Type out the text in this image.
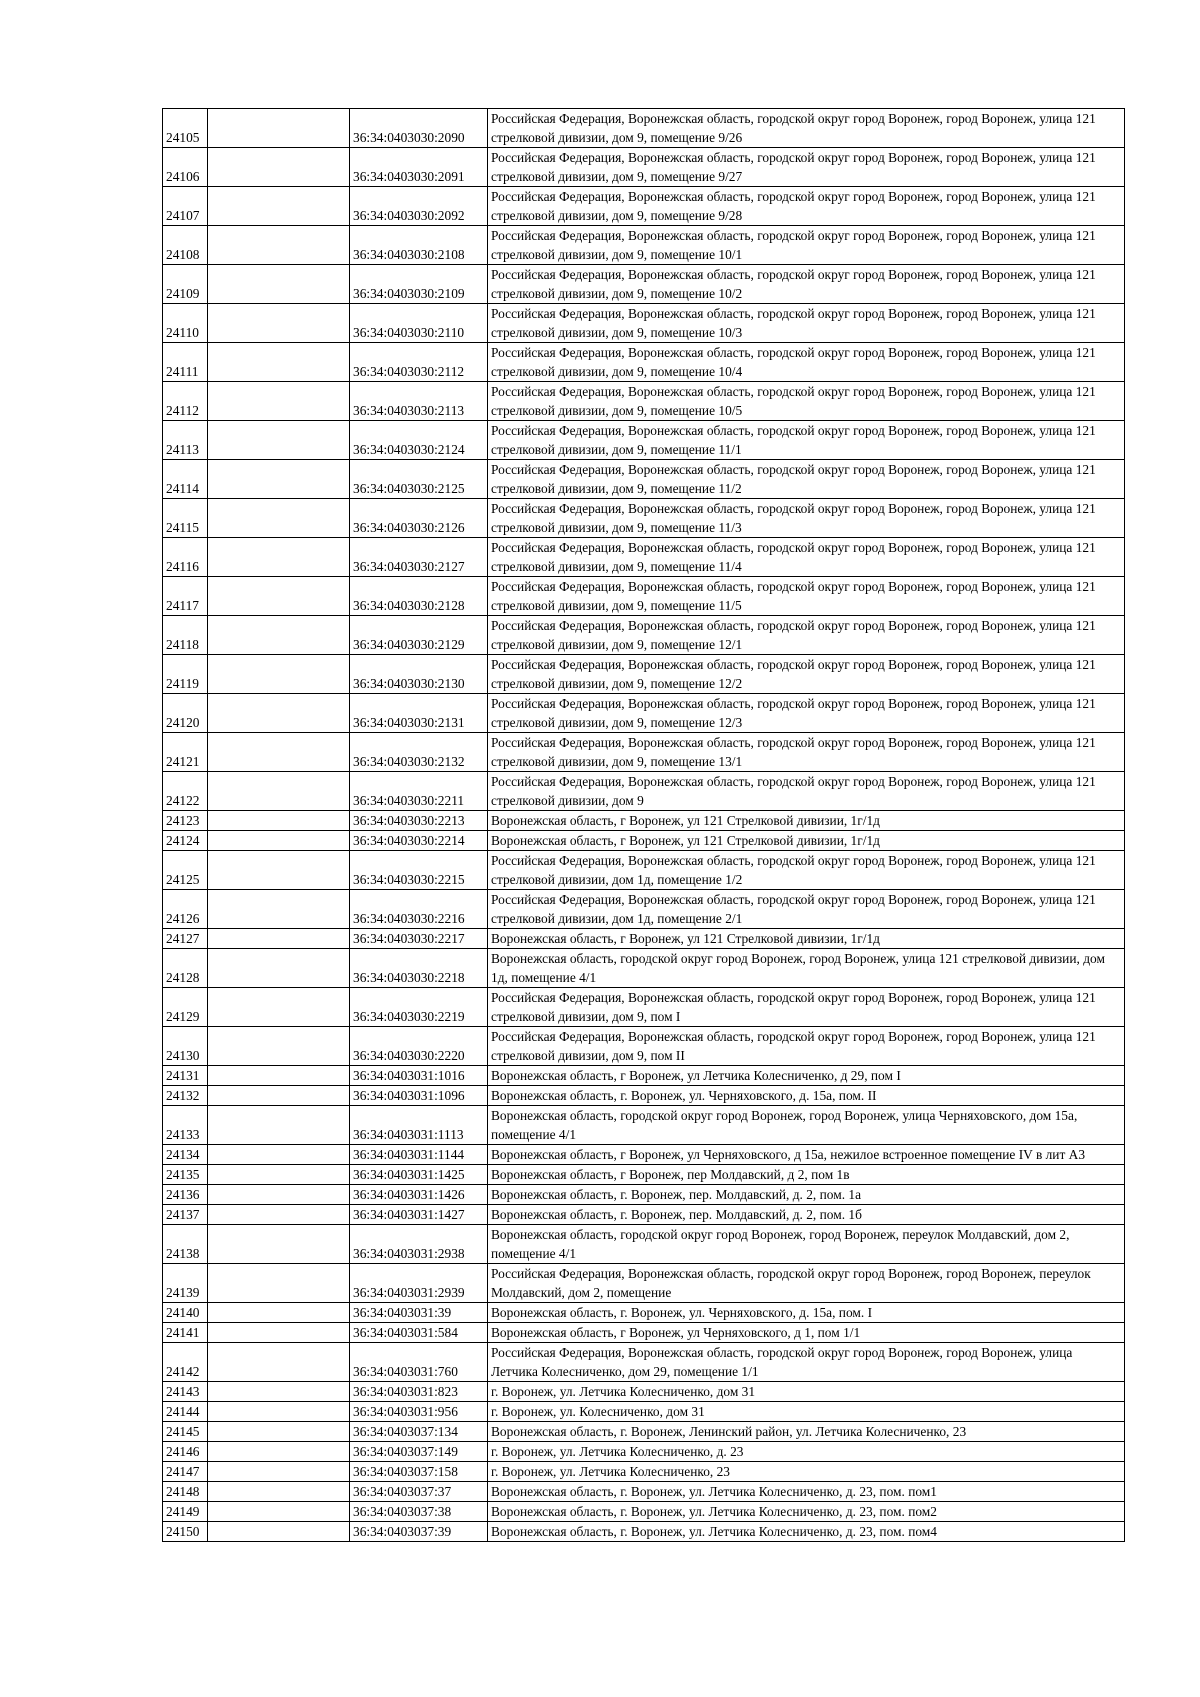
24105		36:34:0403030:2090	Российская Федерация, Воронежская область, городской округ город Воронеж, город Воронеж, улица 121 стрелковой дивизии, дом 9, помещение 9/26
24106		36:34:0403030:2091	Российская Федерация, Воронежская область, городской округ город Воронеж, город Воронеж, улица 121 стрелковой дивизии, дом 9, помещение 9/27
24107		36:34:0403030:2092	Российская Федерация, Воронежская область, городской округ город Воронеж, город Воронеж, улица 121 стрелковой дивизии, дом 9, помещение 9/28
24108		36:34:0403030:2108	Российская Федерация, Воронежская область, городской округ город Воронеж, город Воронеж, улица 121 стрелковой дивизии, дом 9, помещение 10/1
24109		36:34:0403030:2109	Российская Федерация, Воронежская область, городской округ город Воронеж, город Воронеж, улица 121 стрелковой дивизии, дом 9, помещение 10/2
24110		36:34:0403030:2110	Российская Федерация, Воронежская область, городской округ город Воронеж, город Воронеж, улица 121 стрелковой дивизии, дом 9, помещение 10/3
24111		36:34:0403030:2112	Российская Федерация, Воронежская область, городской округ город Воронеж, город Воронеж, улица 121 стрелковой дивизии, дом 9, помещение 10/4
24112		36:34:0403030:2113	Российская Федерация, Воронежская область, городской округ город Воронеж, город Воронеж, улица 121 стрелковой дивизии, дом 9, помещение 10/5
24113		36:34:0403030:2124	Российская Федерация, Воронежская область, городской округ город Воронеж, город Воронеж, улица 121 стрелковой дивизии, дом 9, помещение 11/1
24114		36:34:0403030:2125	Российская Федерация, Воронежская область, городской округ город Воронеж, город Воронеж, улица 121 стрелковой дивизии, дом 9, помещение 11/2
24115		36:34:0403030:2126	Российская Федерация, Воронежская область, городской округ город Воронеж, город Воронеж, улица 121 стрелковой дивизии, дом 9, помещение 11/3
24116		36:34:0403030:2127	Российская Федерация, Воронежская область, городской округ город Воронеж, город Воронеж, улица 121 стрелковой дивизии, дом 9, помещение 11/4
24117		36:34:0403030:2128	Российская Федерация, Воронежская область, городской округ город Воронеж, город Воронеж, улица 121 стрелковой дивизии, дом 9, помещение 11/5
24118		36:34:0403030:2129	Российская Федерация, Воронежская область, городской округ город Воронеж, город Воронеж, улица 121 стрелковой дивизии, дом 9, помещение 12/1
24119		36:34:0403030:2130	Российская Федерация, Воронежская область, городской округ город Воронеж, город Воронеж, улица 121 стрелковой дивизии, дом 9, помещение 12/2
24120		36:34:0403030:2131	Российская Федерация, Воронежская область, городской округ город Воронеж, город Воронеж, улица 121 стрелковой дивизии, дом 9, помещение 12/3
24121		36:34:0403030:2132	Российская Федерация, Воронежская область, городской округ город Воронеж, город Воронеж, улица 121 стрелковой дивизии, дом 9, помещение 13/1
24122		36:34:0403030:2211	Российская Федерация, Воронежская область, городской округ город Воронеж, город Воронеж, улица 121 стрелковой дивизии, дом 9
24123		36:34:0403030:2213	Воронежская область, г Воронеж, ул 121 Стрелковой дивизии, 1г/1д
24124		36:34:0403030:2214	Воронежская область, г Воронеж, ул 121 Стрелковой дивизии, 1г/1д
24125		36:34:0403030:2215	Российская Федерация, Воронежская область, городской округ город Воронеж, город Воронеж, улица 121 стрелковой дивизии, дом 1д, помещение 1/2
24126		36:34:0403030:2216	Российская Федерация, Воронежская область, городской округ город Воронеж, город Воронеж, улица 121 стрелковой дивизии, дом 1д, помещение 2/1
24127		36:34:0403030:2217	Воронежская область, г Воронеж, ул 121 Стрелковой дивизии, 1г/1д
24128		36:34:0403030:2218	Воронежская область, городской округ город Воронеж, город Воронеж, улица 121 стрелковой дивизии, дом 1д, помещение 4/1
24129		36:34:0403030:2219	Российская Федерация, Воронежская область, городской округ город Воронеж, город Воронеж, улица 121 стрелковой дивизии, дом 9, пом I
24130		36:34:0403030:2220	Российская Федерация, Воронежская область, городской округ город Воронеж, город Воронеж, улица 121 стрелковой дивизии, дом 9, пом II
24131		36:34:0403031:1016	Воронежская область, г Воронеж, ул Летчика Колесниченко, д 29, пом I
24132		36:34:0403031:1096	Воронежская область, г. Воронеж, ул. Черняховского, д. 15а, пом. II
24133		36:34:0403031:1113	Воронежская область, городской округ город Воронеж, город Воронеж, улица Черняховского, дом 15а, помещение 4/1
24134		36:34:0403031:1144	Воронежская область, г Воронеж, ул Черняховского, д 15а, нежилое встроенное помещение IV в лит А3
24135		36:34:0403031:1425	Воронежская область, г Воронеж, пер Молдавский, д 2, пом 1в
24136		36:34:0403031:1426	Воронежская область, г. Воронеж, пер. Молдавский, д. 2, пом. 1а
24137		36:34:0403031:1427	Воронежская область, г. Воронеж, пер. Молдавский, д. 2, пом. 1б
24138		36:34:0403031:2938	Воронежская область, городской округ город Воронеж, город Воронеж, переулок Молдавский, дом 2, помещение 4/1
24139		36:34:0403031:2939	Российская Федерация, Воронежская область, городской округ город Воронеж, город Воронеж, переулок Молдавский, дом 2, помещение
24140		36:34:0403031:39	Воронежская область, г. Воронеж, ул. Черняховского, д. 15а, пом. I
24141		36:34:0403031:584	Воронежская область, г Воронеж, ул Черняховского, д 1, пом 1/1
24142		36:34:0403031:760	Российская Федерация, Воронежская область, городской округ город Воронеж, город Воронеж, улица Летчика Колесниченко, дом 29, помещение 1/1
24143		36:34:0403031:823	г. Воронеж, ул. Летчика Колесниченко, дом 31
24144		36:34:0403031:956	г. Воронеж, ул. Колесниченко, дом 31
24145		36:34:0403037:134	Воронежская область, г. Воронеж, Ленинский район, ул. Летчика Колесниченко, 23
24146		36:34:0403037:149	г. Воронеж, ул. Летчика Колесниченко, д. 23
24147		36:34:0403037:158	г. Воронеж, ул. Летчика Колесниченко, 23
24148		36:34:0403037:37	Воронежская область, г. Воронеж, ул. Летчика Колесниченко, д. 23, пом. пом1
24149		36:34:0403037:38	Воронежская область, г. Воронеж, ул. Летчика Колесниченко, д. 23, пом. пом2
24150		36:34:0403037:39	Воронежская область, г. Воронеж, ул. Летчика Колесниченко, д. 23, пом. пом4
